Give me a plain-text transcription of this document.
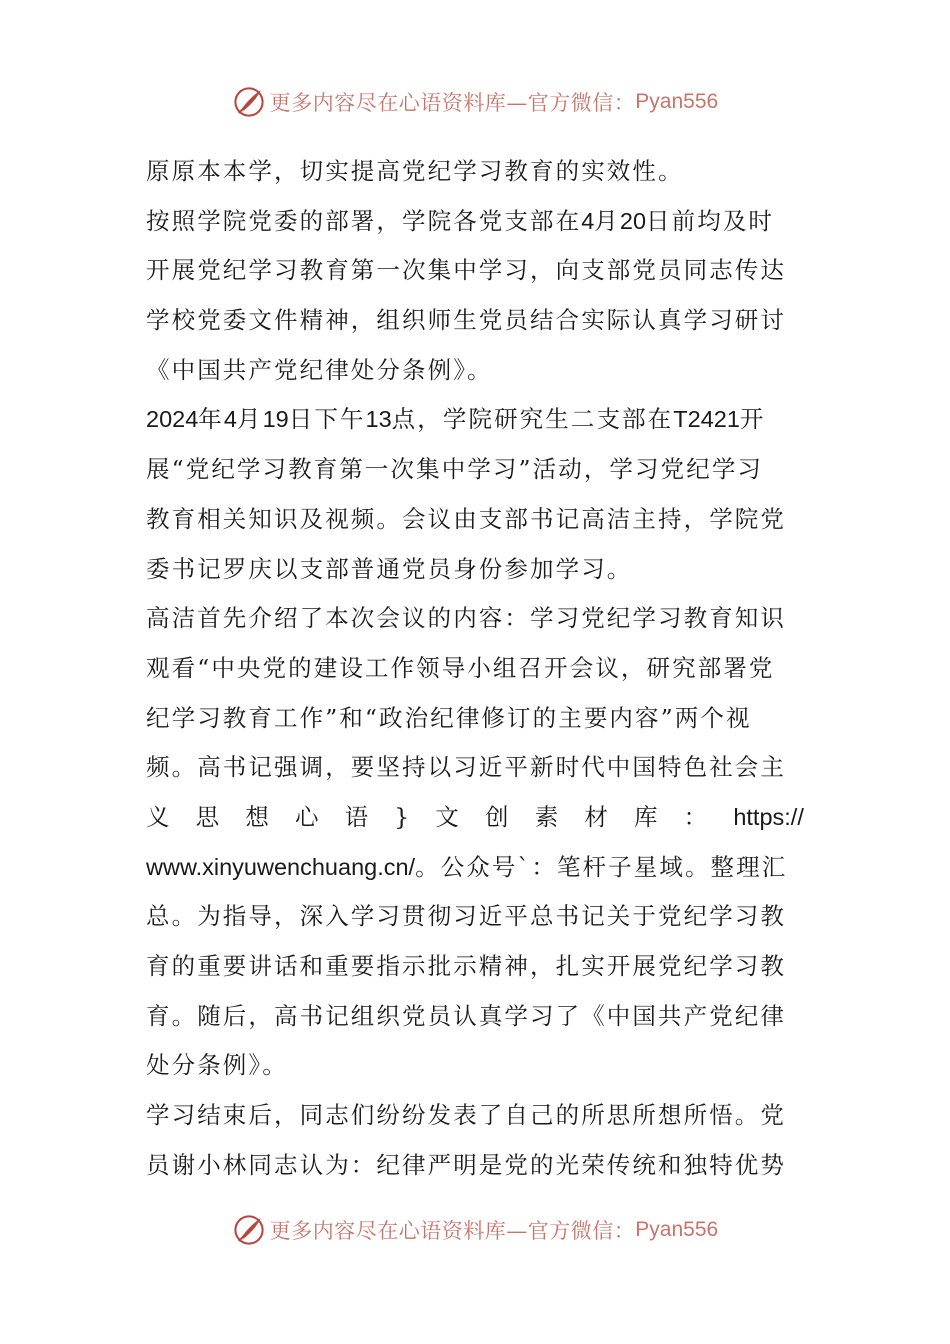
更多内容尽在心语资料库—官方微信： Pyan556
原原本本学，切实提高党纪学习教育的实效性。
按照学院党委的部署，学院各党支部在4月20日前均及时
开展党纪学习教育第一次集中学习，向支部党员同志传达
学校党委文件精神，组织师生党员结合实际认真学习研讨
《中国共产党纪律处分条例》。
2024年4月19日下午13点，学院研究生二支部在T2421开
展“党纪学习教育第一次集中学习”活动，学习党纪学习
教育相关知识及视频。会议由支部书记高洁主持，学院党
委书记罗庆以支部普通党员身份参加学习。
高洁首先介绍了本次会议的内容：学习党纪学习教育知识
观看“中央党的建设工作领导小组召开会议，研究部署党
纪学习教育工作”和“政治纪律修订的主要内容”两个视
频。高书记强调，要坚持以习近平新时代中国特色社会主
义 思 想 心 语 } 文 创 素 材 库 ： https://
www.xinyuwenchuang.cn/。公众号`：笔杆子星域。整理汇
总。为指导，深入学习贯彻习近平总书记关于党纪学习教
育的重要讲话和重要指示批示精神，扎实开展党纪学习教
育。随后，高书记组织党员认真学习了《中国共产党纪律
处分条例》。
学习结束后，同志们纷纷发表了自己的所思所想所悟。党
员谢小林同志认为：纪律严明是党的光荣传统和独特优势
更多内容尽在心语资料库—官方微信： Pyan556
